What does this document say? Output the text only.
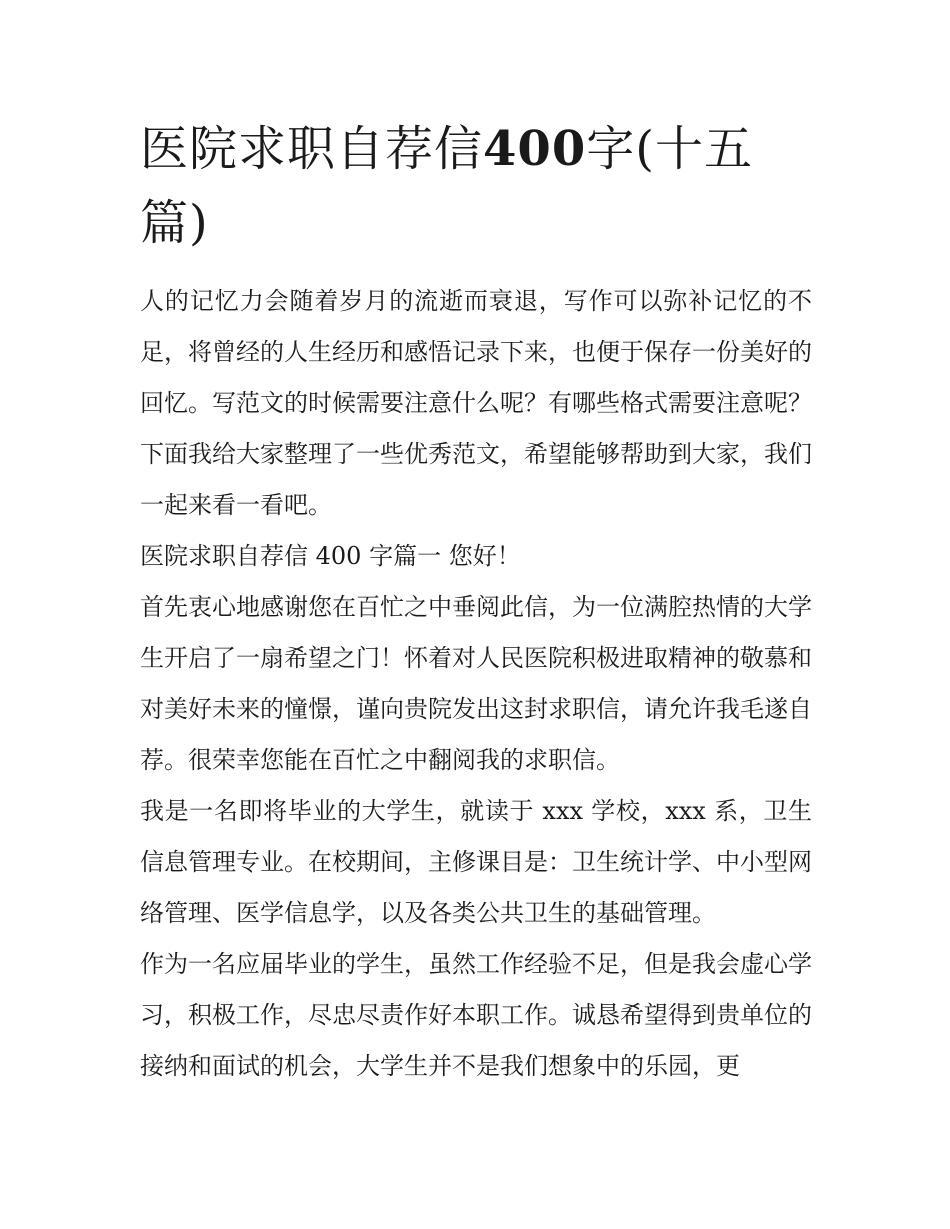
医院求职自荐信400字(十五篇)

人的记忆力会随着岁月的流逝而衰退，写作可以弥补记忆的不足，将曾经的人生经历和感悟记录下来，也便于保存一份美好的回忆。写范文的时候需要注意什么呢？有哪些格式需要注意呢？下面我给大家整理了一些优秀范文，希望能够帮助到大家，我们一起来看一看吧。

医院求职自荐信 400 字篇一 您好！

首先衷心地感谢您在百忙之中垂阅此信，为一位满腔热情的大学生开启了一扇希望之门！怀着对人民医院积极进取精神的敬慕和对美好未来的憧憬，谨向贵院发出这封求职信，请允许我毛遂自荐。很荣幸您能在百忙之中翻阅我的求职信。

我是一名即将毕业的大学生，就读于 xxx 学校，xxx 系，卫生信息管理专业。在校期间，主修课目是：卫生统计学、中小型网络管理、医学信息学，以及各类公共卫生的基础管理。

作为一名应届毕业的学生，虽然工作经验不足，但是我会虚心学习，积极工作，尽忠尽责作好本职工作。诚恳希望得到贵单位的接纳和面试的机会，大学生并不是我们想象中的乐园，更
